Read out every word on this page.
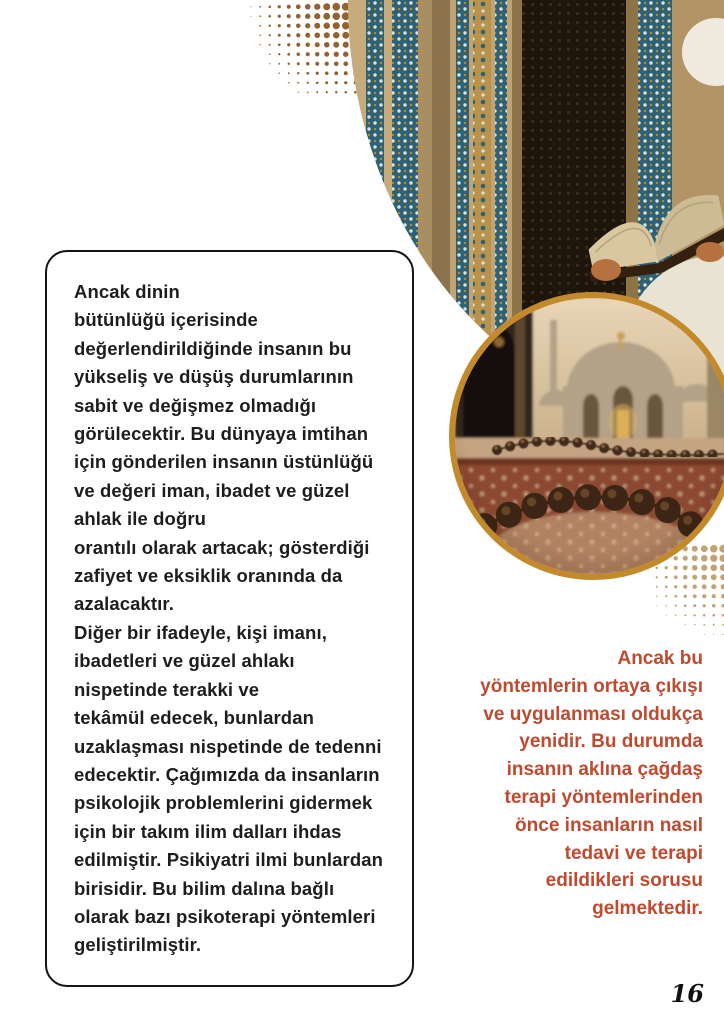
Ancak dinin
bütünlüğü içerisinde
değerlendirildiğinde insanın bu
yükseliş ve düşüş durumlarının
sabit ve değişmez olmadığı
görülecektir. Bu dünyaya imtihan
için gönderilen insanın üstünlüğü
ve değeri iman, ibadet ve güzel
ahlak ile doğru
orantılı olarak artacak; gösterdiği
zafiyet ve eksiklik oranında da
azalacaktır.
Diğer bir ifadeyle, kişi imanı,
ibadetleri ve güzel ahlakı
nispetinde terakki ve
tekâmül edecek, bunlardan
uzaklaşması nispetinde de tedenni
edecektir. Çağımızda da insanların
psikolojik problemlerini gidermek
için bir takım ilim dalları ihdas
edilmiştir. Psikiyatri ilmi bunlardan
birisidir. Bu bilim dalına bağlı
olarak bazı psikoterapi yöntemleri
geliştirilmiştir.
Ancak bu
yöntemlerin ortaya çıkışı
ve uygulanması oldukça
yenidir. Bu durumda
insanın aklına çağdaş
terapi yöntemlerinden
önce insanların nasıl
tedavi ve terapi
edildikleri sorusu
gelmektedir.
16
